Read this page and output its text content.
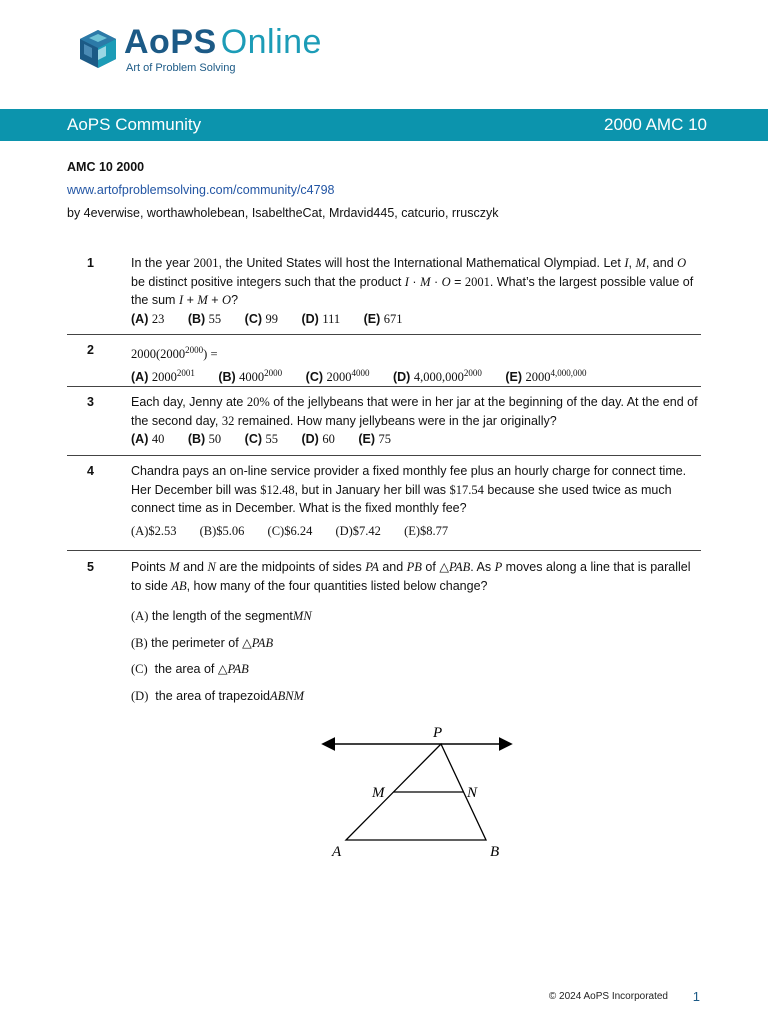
AoPS Online
Art of Problem Solving
AoPS Community	2000 AMC 10
AMC 10 2000
www.artofproblemsolving.com/community/c4798
by 4everwise, worthawholebean, IsabeltheCat, Mrdavid445, catcurio, rrusczyk
1	In the year 2001, the United States will host the International Mathematical Olympiad. Let I, M, and O be distinct positive integers such that the product I · M · O = 2001. What’s the largest possible value of the sum I + M + O?
(A) 23 (B) 55 (C) 99 (D) 111 (E) 671
2	$2000(2000^{2000})$ =
(A) $2000^{2001}$ (B) $4000^{2000}$ (C) $2000^{4000}$ (D) $4,000,000^{2000}$ (E) 2000$^{4,000,000}$
3	Each day, Jenny ate 20% of the jellybeans that were in her jar at the beginning of the day. At the end of the second day, 32 remained. How many jellybeans were in the jar originally?
(A) 40 (B) 50 (C) 55 (D) 60 (E) 75
4	Chandra pays an on-line service provider a fixed monthly fee plus an hourly charge for connect time. Her December bill was $12.48, but in January her bill was $17.54 because she used twice as much connect time as in December. What is the fixed monthly fee?
(A)$2.53 (B)$5.06 (C)$6.24 (D)$7.42 (E)$8.77
5	Points M and N are the midpoints of sides PA and PB of △PAB. As P moves along a line that is parallel to side AB, how many of the four quantities listed below change?
(A) the length of the segmentMN
(B) the perimeter of △PAB
(C)  the area of △PAB
(D)  the area of trapezoidABNM
P
M	N
A	B
© 2024 AoPS Incorporated 1
